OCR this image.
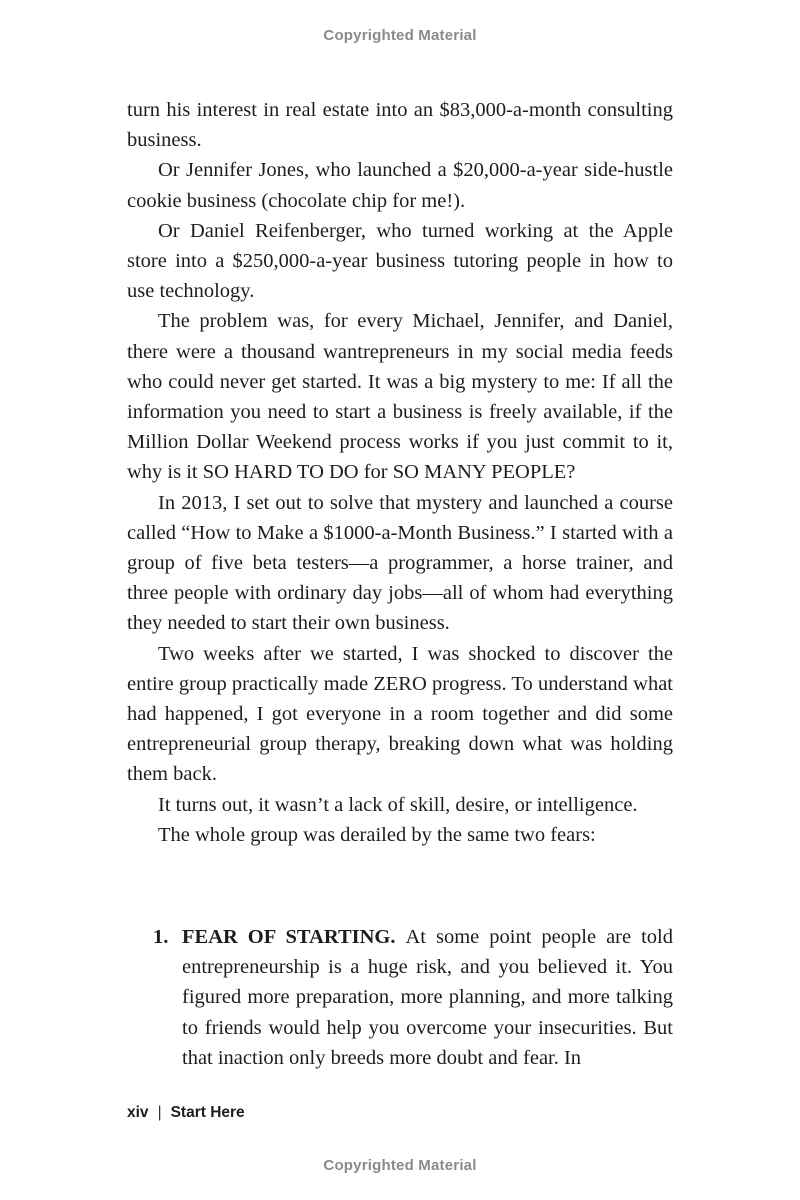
Copyrighted Material

turn his interest in real estate into an $83,000-a-month consulting business.

Or Jennifer Jones, who launched a $20,000-a-year side-hustle cookie business (chocolate chip for me!).

Or Daniel Reifenberger, who turned working at the Apple store into a $250,000-a-year business tutoring people in how to use technology.

The problem was, for every Michael, Jennifer, and Daniel, there were a thousand wantrepreneurs in my social media feeds who could never get started. It was a big mystery to me: If all the information you need to start a business is freely available, if the Million Dollar Weekend process works if you just commit to it, why is it SO HARD TO DO for SO MANY PEOPLE?

In 2013, I set out to solve that mystery and launched a course called “How to Make a $1000-a-Month Business.” I started with a group of five beta testers—a programmer, a horse trainer, and three people with ordinary day jobs—all of whom had everything they needed to start their own business.

Two weeks after we started, I was shocked to discover the entire group practically made ZERO progress. To understand what had happened, I got everyone in a room together and did some entrepreneurial group therapy, breaking down what was holding them back.

It turns out, it wasn’t a lack of skill, desire, or intelligence.

The whole group was derailed by the same two fears:

1. FEAR OF STARTING. At some point people are told entrepreneurship is a huge risk, and you believed it. You figured more preparation, more planning, and more talking to friends would help you overcome your insecurities. But that inaction only breeds more doubt and fear. In
xiv | Start Here
Copyrighted Material
